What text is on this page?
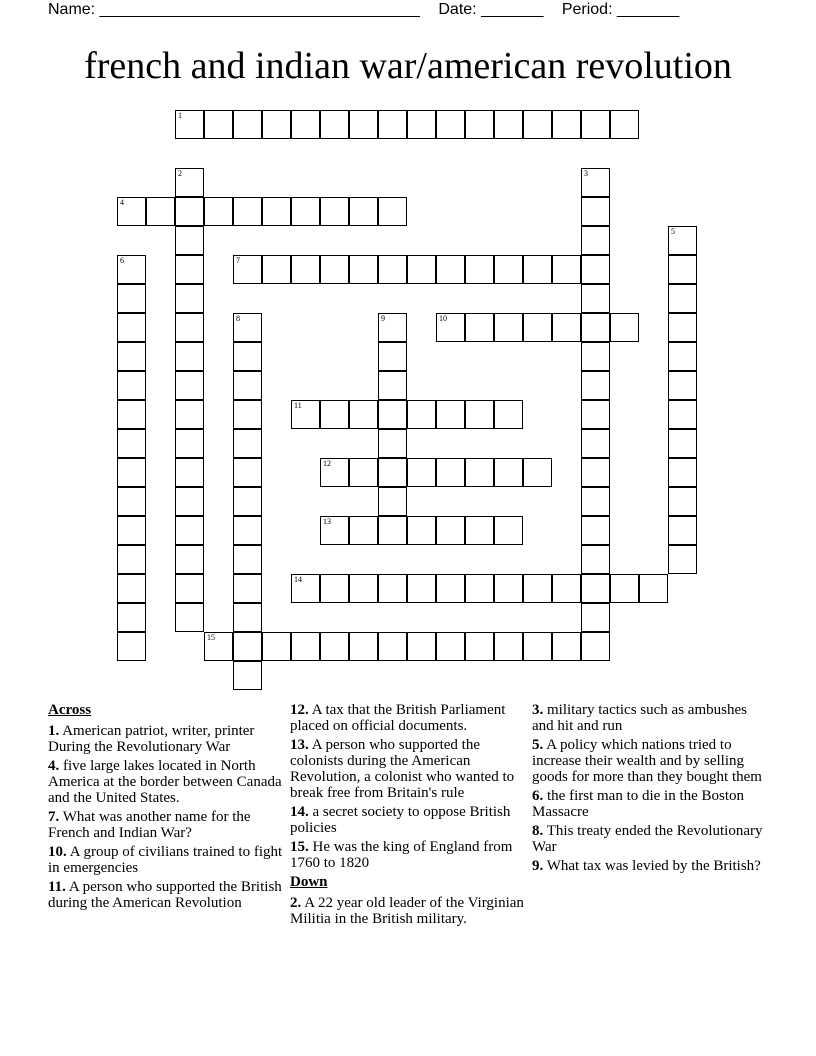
Name: ____________________________________ Date: _______ Period: _______
french and indian war/american revolution
1
2	3
4
5
6	7
8	9	10
11
12
13
14
15
Across

1. American patriot, writer, printer During the Revolutionary War

4. five large lakes located in North America at the border between Canada and the United States.

7. What was another name for the French and Indian War?

10. A group of civilians trained to fight in emergencies

11. A person who supported the British during the American Revolution

12. A tax that the British Parliament placed on official documents.

13. A person who supported the colonists during the American Revolution, a colonist who wanted to break free from Britain's rule

14. a secret society to oppose British policies

15. He was the king of England from 1760 to 1820

Down

2. A 22 year old leader of the Virginian Militia in the British military.

3. military tactics such as ambushes and hit and run

5. A policy which nations tried to increase their wealth and by selling goods for more than they bought them

6. the first man to die in the Boston Massacre

8. This treaty ended the Revolutionary War

9. What tax was levied by the British?
